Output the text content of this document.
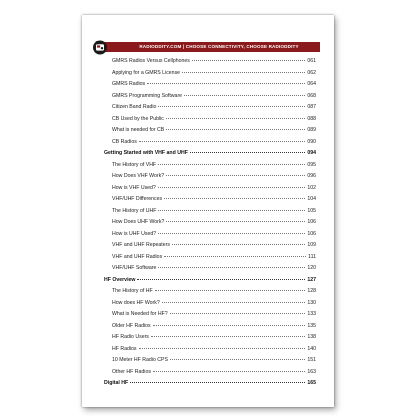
RADIODDITY.COM | CHOOSE CONNECTIVITY, CHOOSE RADIODDITY
GMRS Radios Versus Cellphones	061
Applying for a GMRS License	062
GMRS Radios	064
GMRS Programming Software	068
Citizen Band Radio	087
CB Used by the Public	088
What is needed for CB	089
CB Radios	090
Getting Started with VHF and UHF	094
The History of VHF	095
How Does VHF Work?	096
How is VHF Used?	102
VHF/UHF Differences	104
The History of UHF	105
How Does UHF Work?	106
How is UHF Used?	106
VHF and UHF Repeaters	109
VHF and UHF Radios	111
VHF/UHF Software	120
HF Overview	127
The History of HF	128
How does HF Work?	130
What is Needed for HF?	133
Older HF Radios	135
HF Radio Users	138
HF Radios	140
10 Meter HF Radio CPS	151
Other HF Radios	163
Digital HF	165
